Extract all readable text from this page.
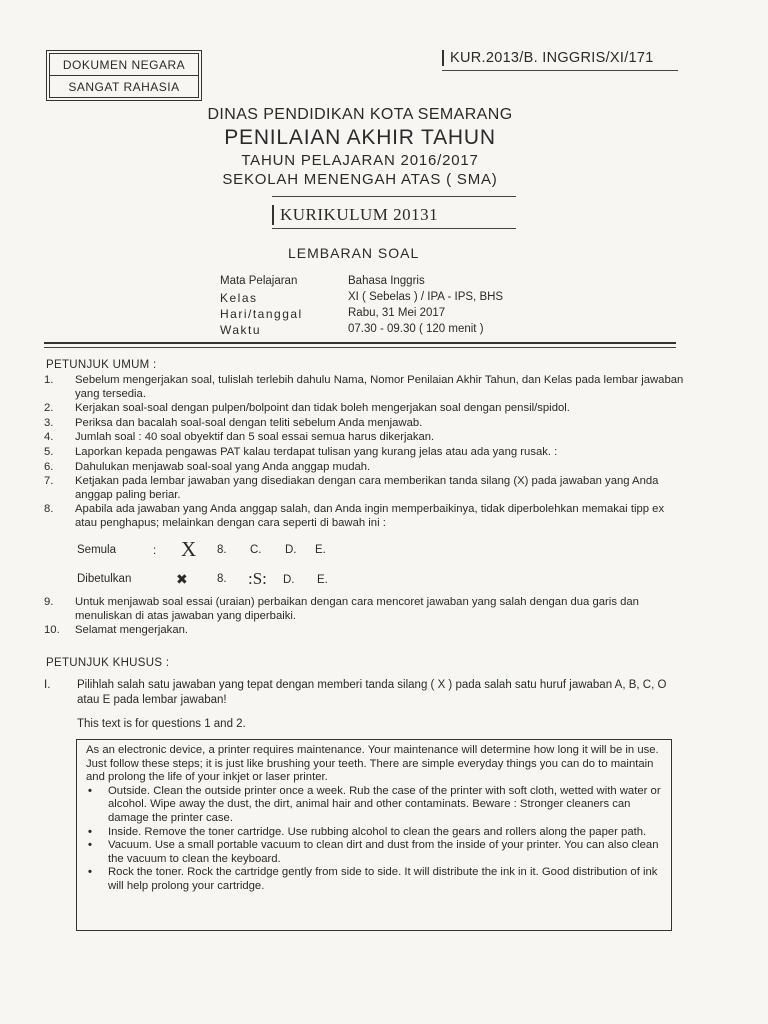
DOKUMEN NEGARA
SANGAT RAHASIA
KUR.2013/B. INGGRIS/XI/171
DINAS PENDIDIKAN KOTA SEMARANG
PENILAIAN AKHIR TAHUN
TAHUN PELAJARAN 2016/2017
SEKOLAH MENENGAH ATAS ( SMA)
KURIKULUM 20131
LEMBARAN SOAL
Mata Pelajaran	Bahasa Inggris
Kelas	XI ( Sebelas ) / IPA - IPS, BHS
Hari/tanggal	Rabu, 31 Mei 2017
Waktu	07.30 - 09.30 ( 120 menit )
PETUNJUK UMUM :
1. Sebelum mengerjakan soal, tulislah terlebih dahulu Nama, Nomor Penilaian Akhir Tahun, dan Kelas pada lembar jawaban yang tersedia.
2. Kerjakan soal-soal dengan pulpen/bolpoint dan tidak boleh mengerjakan soal dengan pensil/spidol.
3. Periksa dan bacalah soal-soal dengan teliti sebelum Anda menjawab.
4. Jumlah soal : 40 soal obyektif dan 5 soal essai semua harus dikerjakan.
5. Laporkan kepada pengawas PAT kalau terdapat tulisan yang kurang jelas atau ada yang rusak. :
6. Dahulukan menjawab soal-soal yang Anda anggap mudah.
7. Ketjakan pada lembar jawaban yang disediakan dengan cara memberikan tanda silang (X) pada jawaban yang Anda anggap paling beriar.
8. Apabila ada jawaban yang Anda anggap salah, dan Anda ingin memperbaikinya, tidak diperbolehkan memakai tipp ex atau penghapus; melainkan dengan cara seperti di bawah ini :
Semula	: X 8. C. D. E.
Dibetulkan	✖	8. :S: D. E.
9. Untuk menjawab soal essai (uraian) perbaikan dengan cara mencoret jawaban yang salah dengan dua garis dan menuliskan di atas jawaban yang diperbaiki.
10. Selamat mengerjakan.
PETUNJUK KHUSUS :
I.	Pilihlah salah satu jawaban yang tepat dengan memberi tanda silang ( X ) pada salah satu huruf jawaban A, B, C, O atau E pada lembar jawaban!
This text is for questions 1 and 2.
As an electronic device, a printer requires maintenance. Your maintenance will determine how long it will be in use. Just follow these steps; it is just like brushing your teeth. There are simple everyday things you can do to maintain and prolong the life of your inkjet or laser printer.
• Outside. Clean the outside printer once a week. Rub the case of the printer with soft cloth, wetted with water or alcohol. Wipe away the dust, the dirt, animal hair and other contaminats. Beware : Stronger cleaners can damage the printer case.
• Inside. Remove the toner cartridge. Use rubbing alcohol to clean the gears and rollers along the paper path.
• Vacuum. Use a small portable vacuum to clean dirt and dust from the inside of your printer. You can also clean the vacuum to clean the keyboard.
• Rock the toner. Rock the cartridge gently from side to side. It will distribute the ink in it. Good distribution of ink will help prolong your cartridge.
